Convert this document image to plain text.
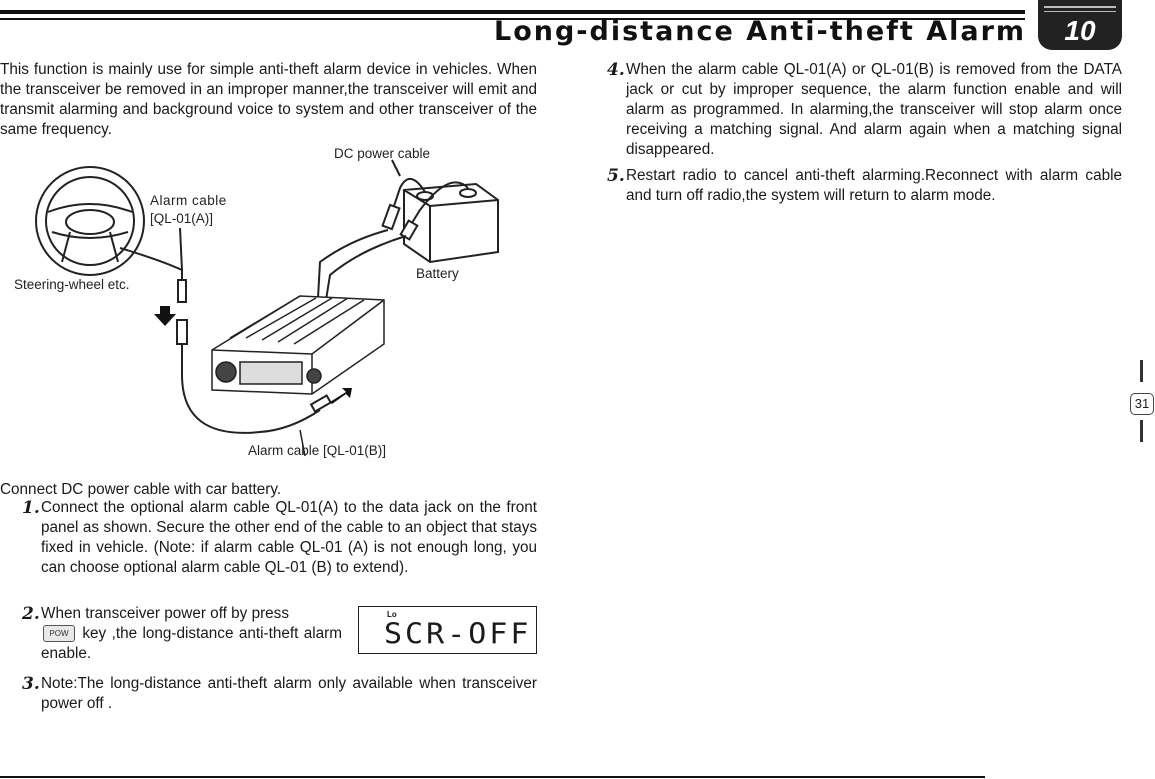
Long-distance Anti-theft Alarm	10

This function is mainly use for simple anti-theft alarm device in vehicles. When the transceiver be removed in an improper manner,the transceiver will emit and transmit alarming and background voice to system and other transceiver of the same frequency.

DC power cable
Alarm cable
[QL-01(A)]
Battery
Steering-wheel etc.
Alarm cable [QL-01(B)]

Connect DC power cable with car battery.

1. Connect the optional alarm cable QL-01(A) to the data jack on the front panel as shown. Secure the other end of the cable to an object that stays fixed in vehicle. (Note: if alarm cable QL-01 (A) is not enough long, you can choose optional alarm cable QL-01 (B) to extend).
2. When transceiver power off by press
POW key ,the long-distance anti-theft alarm enable.
Lo
SCR-OFF
3. Note:The long-distance anti-theft alarm only available when transceiver power off .
4. When the alarm cable QL-01(A) or QL-01(B) is removed from the DATA jack or cut by improper sequence, the alarm function enable and will alarm as programmed. In alarming,the transceiver will stop alarm once receiving a matching signal. And alarm again when a matching signal disappeared.
5. Restart radio to cancel anti-theft alarming.Reconnect with alarm cable and turn off radio,the system will return to alarm mode.
31
